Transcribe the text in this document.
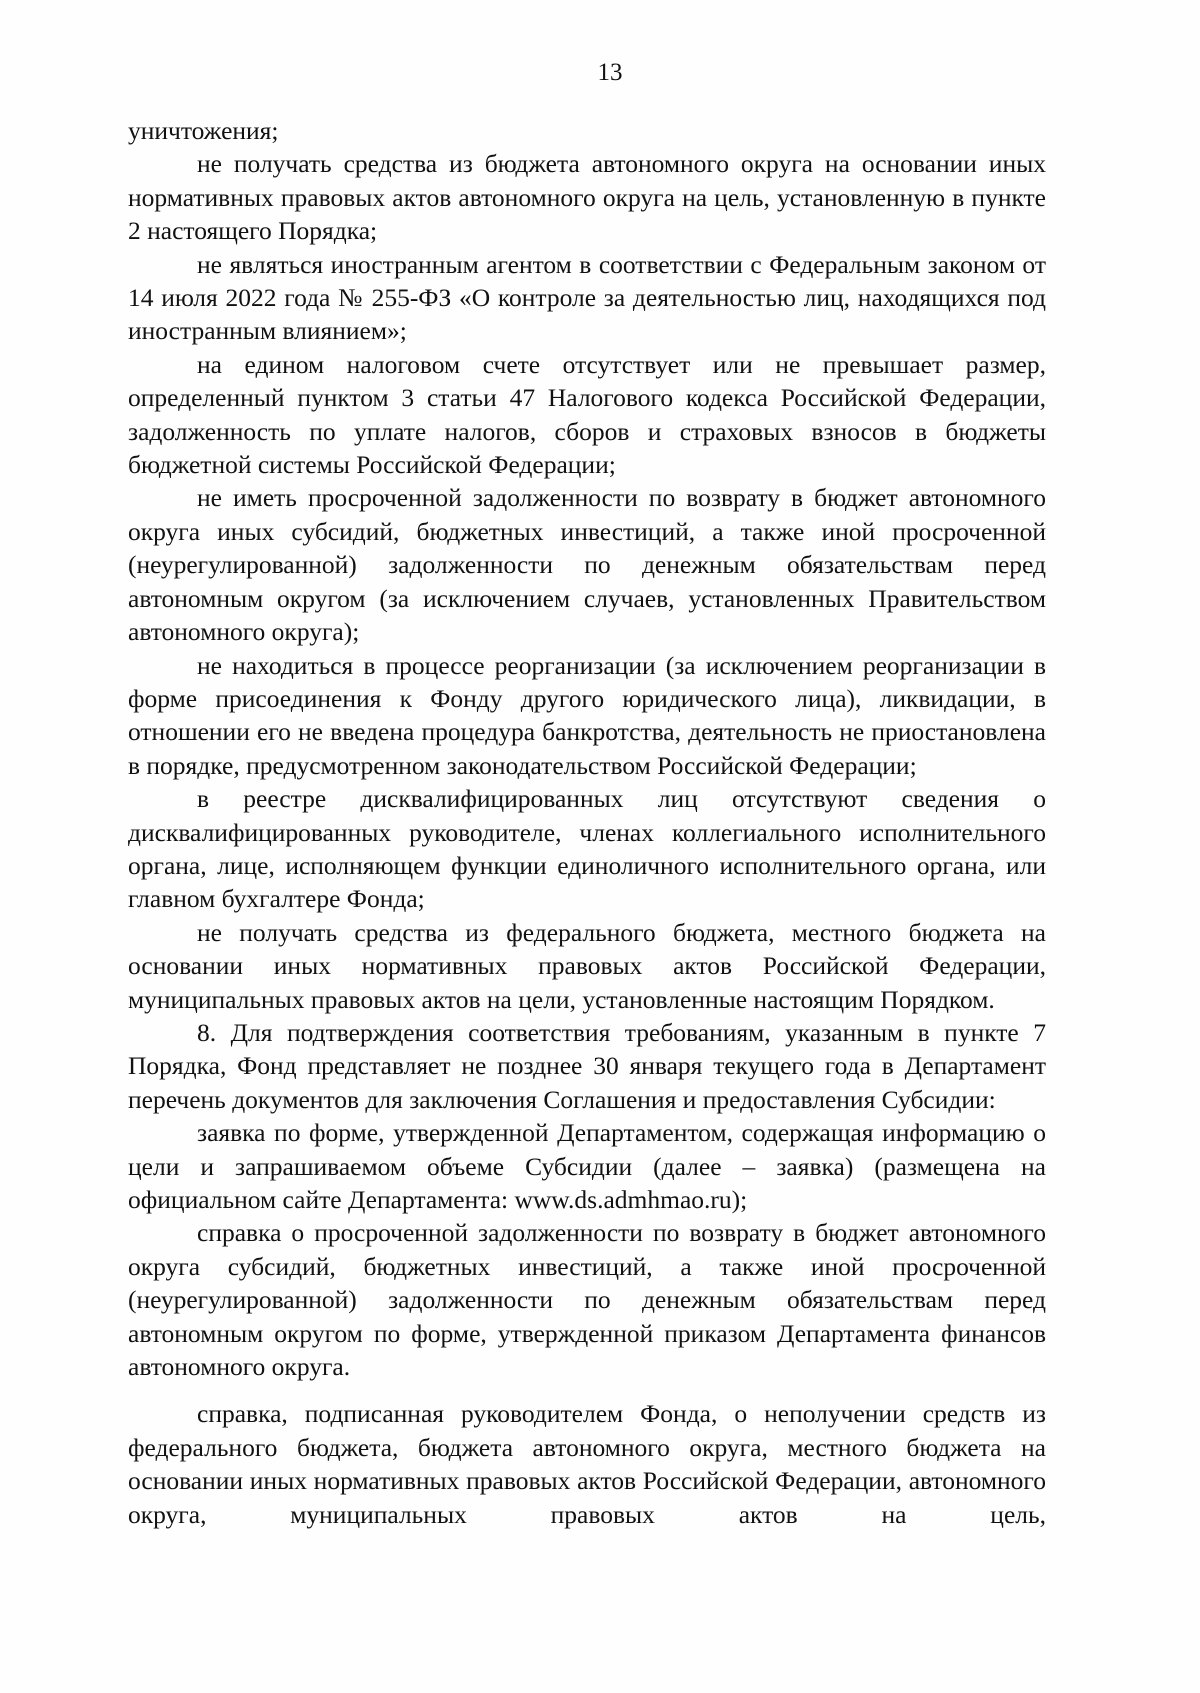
13

уничтожения;

не получать средства из бюджета автономного округа на основании иных нормативных правовых актов автономного округа на цель, установленную в пункте 2 настоящего Порядка;

не являться иностранным агентом в соответствии с Федеральным законом от 14 июля 2022 года № 255-ФЗ «О контроле за деятельностью лиц, находящихся под иностранным влиянием»;

на едином налоговом счете отсутствует или не превышает размер, определенный пунктом 3 статьи 47 Налогового кодекса Российской Федерации, задолженность по уплате налогов, сборов и страховых взносов в бюджеты бюджетной системы Российской Федерации;

не иметь просроченной задолженности по возврату в бюджет автономного округа иных субсидий, бюджетных инвестиций, а также иной просроченной (неурегулированной) задолженности по денежным обязательствам перед автономным округом (за исключением случаев, установленных Правительством автономного округа);

не находиться в процессе реорганизации (за исключением реорганизации в форме присоединения к Фонду другого юридического лица), ликвидации, в отношении его не введена процедура банкротства, деятельность не приостановлена в порядке, предусмотренном законодательством Российской Федерации;

в реестре дисквалифицированных лиц отсутствуют сведения о дисквалифицированных руководителе, членах коллегиального исполнительного органа, лице, исполняющем функции единоличного исполнительного органа, или главном бухгалтере Фонда;

не получать средства из федерального бюджета, местного бюджета на основании иных нормативных правовых актов Российской Федерации, муниципальных правовых актов на цели, установленные настоящим Порядком.

8. Для подтверждения соответствия требованиям, указанным в пункте 7 Порядка, Фонд представляет не позднее 30 января текущего года в Департамент перечень документов для заключения Соглашения и предоставления Субсидии:

заявка по форме, утвержденной Департаментом, содержащая информацию о цели и запрашиваемом объеме Субсидии (далее – заявка) (размещена на официальном сайте Департамента: www.ds.admhmao.ru);

справка о просроченной задолженности по возврату в бюджет автономного округа субсидий, бюджетных инвестиций, а также иной просроченной (неурегулированной) задолженности по денежным обязательствам перед автономным округом по форме, утвержденной приказом Департамента финансов автономного округа.

справка, подписанная руководителем Фонда, о неполучении средств из федерального бюджета, бюджета автономного округа, местного бюджета на основании иных нормативных правовых актов Российской Федерации, автономного округа, муниципальных правовых актов на цель,
